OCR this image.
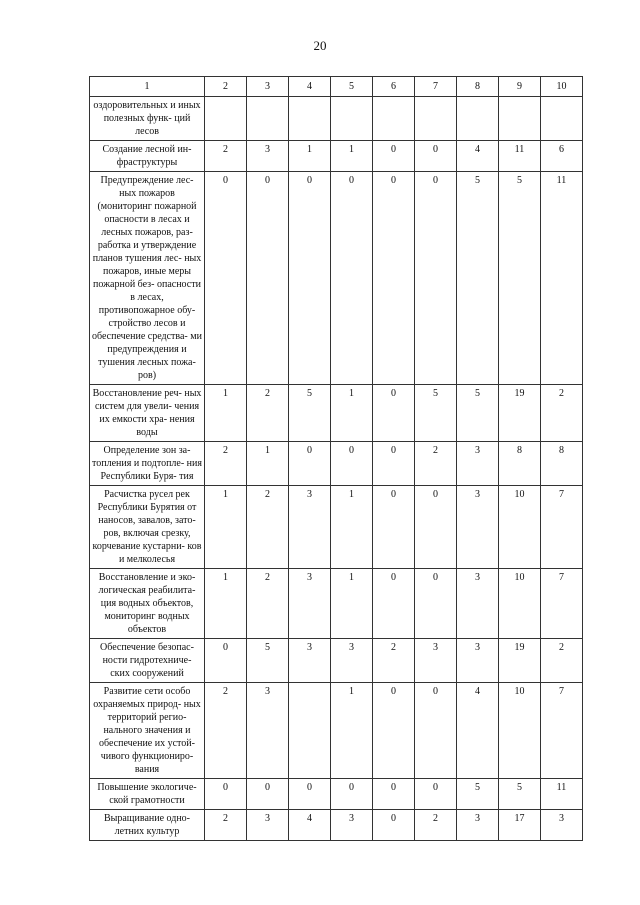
20
1	2	3	4	5	6	7	8	9	10
оздоровительных и иных полезных функ- ций лесов									
Создание лесной ин- фраструктуры	2	3	1	1	0	0	4	11	6
Предупреждение лес- ных пожаров (мониторинг пожарной опасности в лесах и лесных пожаров, раз- работка и утверждение планов тушения лес- ных пожаров, иные меры пожарной без- опасности в лесах, противопожарное обу- стройство лесов и обеспечение средства- ми предупреждения и тушения лесных пожа- ров)	0	0	0	0	0	0	5	5	11
Восстановление реч- ных систем для увели- чения их емкости хра- нения воды	1	2	5	1	0	5	5	19	2
Определение зон за- топления и подтопле- ния Республики Буря- тия	2	1	0	0	0	2	3	8	8
Расчистка русел рек Республики Бурятия от наносов, завалов, зато- ров, включая срезку, корчевание кустарни- ков и мелколесья	1	2	3	1	0	0	3	10	7
Восстановление и эко- логическая реабилита- ция водных объектов, мониторинг водных объектов	1	2	3	1	0	0	3	10	7
Обеспечение безопас- ности гидротехниче- ских сооружений	0	5	3	3	2	3	3	19	2
Развитие сети особо охраняемых природ- ных территорий регио- нального значения и обеспечение их устой- чивого функциониро- вания	2	3		1	0	0	4	10	7
Повышение экологиче- ской грамотности	0	0	0	0	0	0	5	5	11
Выращивание одно- летних культур	2	3	4	3	0	2	3	17	3
